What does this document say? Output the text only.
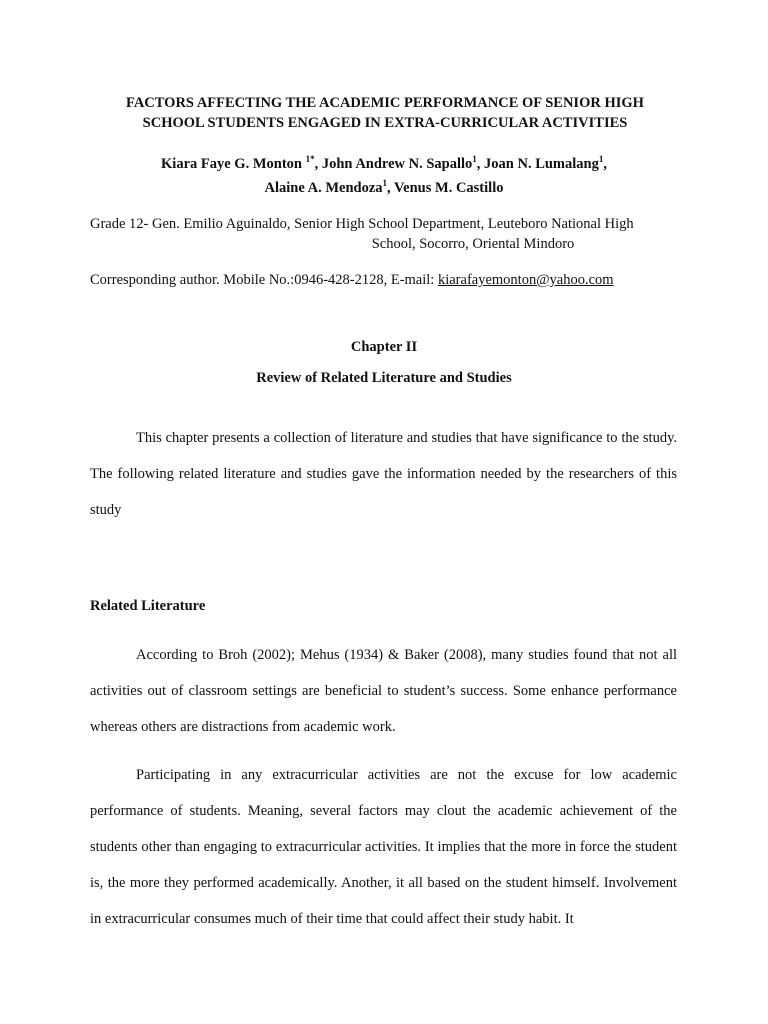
FACTORS AFFECTING THE ACADEMIC PERFORMANCE OF SENIOR HIGH
SCHOOL STUDENTS ENGAGED IN EXTRA-CURRICULAR ACTIVITIES
Kiara Faye G. Monton $^{1*}$, John Andrew N. Sapallo$^1$, Joan N. Lumalang$^1$,
Alaine A. Mendoza$^1$, Venus M. Castillo
Grade 12- Gen. Emilio Aguinaldo, Senior High School Department, Leuteboro National High
School, Socorro, Oriental Mindoro
Corresponding author. Mobile No.:0946-428-2128, E-mail: kiarafayemonton@yahoo.com
Chapter II
Review of Related Literature and Studies

This chapter presents a collection of literature and studies that have significance to the study. The following related literature and studies gave the information needed by the researchers of this study

Related Literature

According to Broh (2002); Mehus (1934) & Baker (2008), many studies found that not all activities out of classroom settings are beneficial to student’s success. Some enhance performance whereas others are distractions from academic work.

Participating in any extracurricular activities are not the excuse for low academic performance of students. Meaning, several factors may clout the academic achievement of the students other than engaging to extracurricular activities. It implies that the more in force the student is, the more they performed academically. Another, it all based on the student himself. Involvement in extracurricular consumes much of their time that could affect their study habit. It
